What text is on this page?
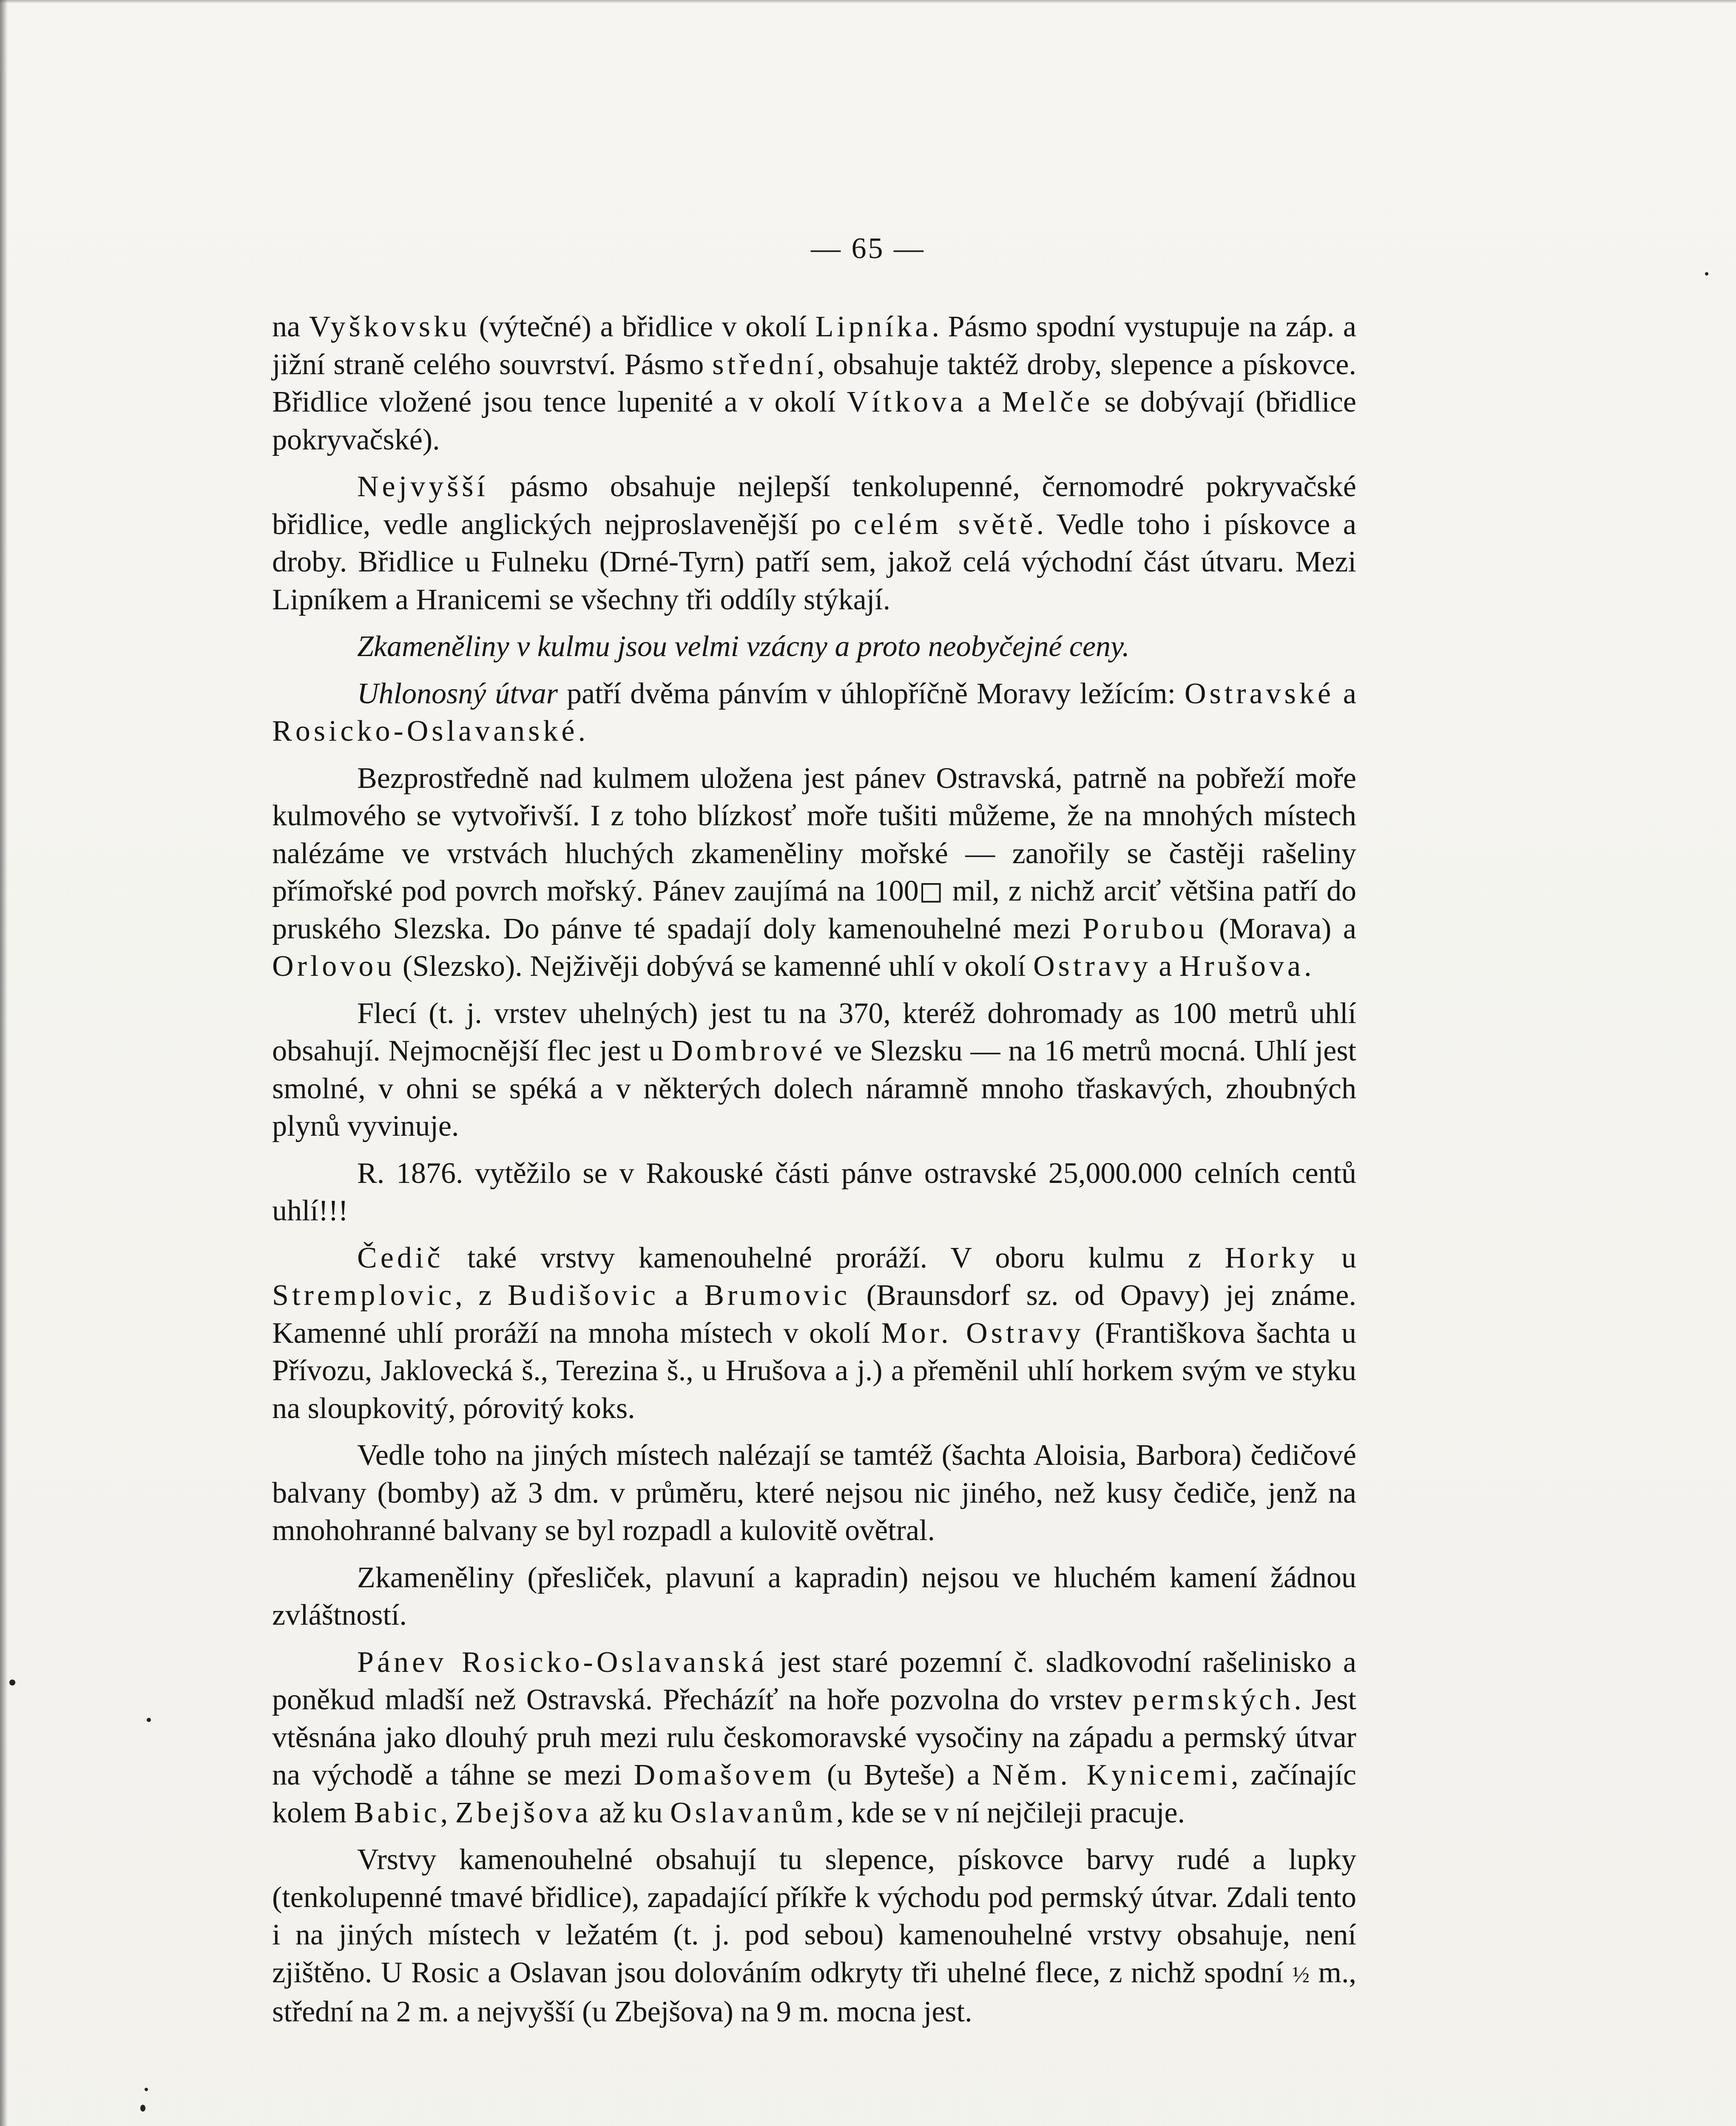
— 65 —

na Vyškovsku (výtečné) a břidlice v okolí Lipníka. Pásmo spodní vystupuje na záp. a jižní straně celého souvrství. Pásmo střední, obsahuje taktéž droby, slepence a pískovce. Břidlice vložené jsou tence lupenité a v okolí Vítkova a Melče se dobývají (břidlice pokryvačské).

Nejvyšší pásmo obsahuje nejlepší tenkolupenné, černomodré pokryvačské břidlice, vedle anglických nejproslavenější po celém světě. Vedle toho i pískovce a droby. Břidlice u Fulneku (Drné-Tyrn) patří sem, jakož celá východní část útvaru. Mezi Lipníkem a Hranicemi se všechny tři oddíly stýkají.

Zkameněliny v kulmu jsou velmi vzácny a proto neobyčejné ceny.

Uhlonosný útvar patří dvěma pánvím v úhlopříčně Moravy ležícím: Ostravské a Rosicko-Oslavanské.

Bezprostředně nad kulmem uložena jest pánev Ostravská, patrně na pobřeží moře kulmového se vytvořivší. I z toho blízkosť moře tušiti můžeme, že na mnohých místech nalézáme ve vrstvách hluchých zkameněliny mořské — zanořily se častěji rašeliny přímořské pod povrch mořský. Pánev zaujímá na 100◻ mil, z nichž arciť většina patří do pruského Slezska. Do pánve té spadají doly kamenouhelné mezi Porubou (Morava) a Orlovou (Slezsko). Nejživěji dobývá se kamenné uhlí v okolí Ostravy a Hrušova.

Flecí (t. j. vrstev uhelných) jest tu na 370, kteréž dohromady as 100 metrů uhlí obsahují. Nejmocnější flec jest u Dombrové ve Slezsku — na 16 metrů mocná. Uhlí jest smolné, v ohni se spéká a v některých dolech náramně mnoho třaskavých, zhoubných plynů vyvinuje.

R. 1876. vytěžilo se v Rakouské části pánve ostravské 25,000.000 celních centů uhlí!!!

Čedič také vrstvy kamenouhelné proráží. V oboru kulmu z Horky u Stremplovic, z Budišovic a Brumovic (Braunsdorf sz. od Opavy) jej známe. Kamenné uhlí proráží na mnoha místech v okolí Mor. Ostravy (Františkova šachta u Přívozu, Jaklovecká š., Terezina š., u Hrušova a j.) a přeměnil uhlí horkem svým ve styku na sloupkovitý, pórovitý koks.

Vedle toho na jiných místech nalézají se tamtéž (šachta Aloisia, Barbora) čedičové balvany (bomby) až 3 dm. v průměru, které nejsou nic jiného, než kusy čediče, jenž na mnohohranné balvany se byl rozpadl a kulovitě ovětral.

Zkameněliny (přesliček, plavuní a kapradin) nejsou ve hluchém kamení žádnou zvláštností.

Pánev Rosicko-Oslavanská jest staré pozemní č. sladkovodní rašelinisko a poněkud mladší než Ostravská. Přecházíť na hoře pozvolna do vrstev permských. Jest vtěsnána jako dlouhý pruh mezi rulu českomoravské vysočiny na západu a permský útvar na východě a táhne se mezi Domašovem (u Byteše) a Něm. Kynicemi, začínajíc kolem Babic, Zbejšova až ku Oslavanům, kde se v ní nejčileji pracuje.

Vrstvy kamenouhelné obsahují tu slepence, pískovce barvy rudé a lupky (tenkolupenné tmavé břidlice), zapadající příkře k východu pod permský útvar. Zdali tento i na jiných místech v ležatém (t. j. pod sebou) kamenouhelné vrstvy obsahuje, není zjištěno. U Rosic a Oslavan jsou dolováním odkryty tři uhelné flece, z nichž spodní ½ m., střední na 2 m. a nejvyšší (u Zbejšova) na 9 m. mocna jest.
